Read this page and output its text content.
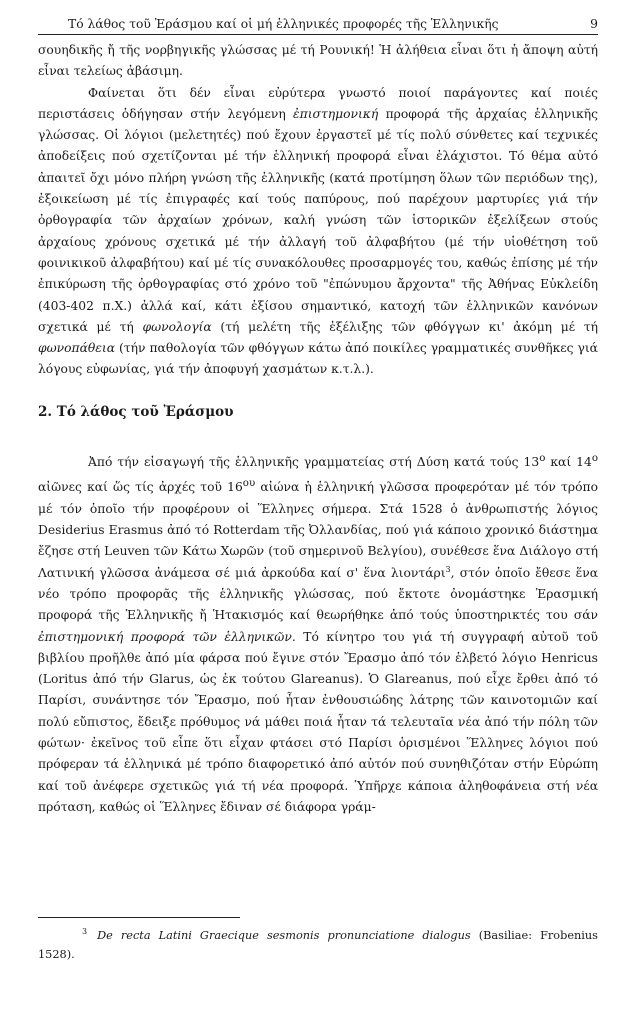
Τό λάθος τοῦ Ἐράσμου καί οἱ μή ἑλληνικές προφορές τῆς Ἑλληνικῆς	9

σουηδικῆς ἤ τῆς νορβηγικῆς γλώσσας μέ τή Ρουνική! Ἡ ἀλήθεια εἶναι ὅτι ἡ ἄποψη αὐτή εἶναι τελείως ἀβάσιμη.

Φαίνεται ὅτι δέν εἶναι εὐρύτερα γνωστό ποιοί παράγοντες καί ποιές περιστάσεις ὁδήγησαν στήν λεγόμενη ἐπιστημονική προφορά τῆς ἀρχαίας ἑλληνικῆς γλώσσας. Οἱ λόγιοι (μελετητές) πού ἔχουν ἐργαστεῖ μέ τίς πολύ σύνθετες καί τεχνικές ἀποδείξεις πού σχετίζονται μέ τήν ἑλληνική προφορά εἶναι ἐλάχιστοι. Τό θέμα αὐτό ἀπαιτεῖ ὄχι μόνο πλήρη γνώση τῆς ἑλληνικῆς (κατά προτίμηση ὅλων τῶν περιόδων της), ἐξοικείωση μέ τίς ἐπιγραφές καί τούς παπύρους, πού παρέχουν μαρτυρίες γιά τήν ὀρθογραφία τῶν ἀρχαίων χρόνων, καλή γνώση τῶν ἱστορικῶν ἐξελίξεων στούς ἀρχαίους χρόνους σχετικά μέ τήν ἀλλαγή τοῦ ἀλφαβήτου (μέ τήν υἱοθέτηση τοῦ φοινικικοῦ ἀλφαβήτου) καί μέ τίς συνακόλουθες προσαρμογές του, καθώς ἐπίσης μέ τήν ἐπικύρωση τῆς ὀρθογραφίας στό χρόνο τοῦ "ἐπώνυμου ἄρχοντα" τῆς Ἀθήνας Εὐκλείδη (403-402 π.Χ.) ἀλλά καί, κάτι ἐξίσου σημαντικό, κατοχή τῶν ἑλληνικῶν κανόνων σχετικά μέ τή φωνολογία (τή μελέτη τῆς ἐξέλιξης τῶν φθόγγων κι' ἀκόμη μέ τή φωνοπάθεια (τήν παθολογία τῶν φθόγγων κάτω ἀπό ποικίλες γραμματικές συνθῆκες γιά λόγους εὐφωνίας, γιά τήν ἀποφυγή χασμάτων κ.τ.λ.).

2. Τό λάθος τοῦ Ἐράσμου

Ἀπό τήν εἰσαγωγή τῆς ἑλληνικῆς γραμματείας στή Δύση κατά τούς $13^o$ καί $14^o$ αἰῶνες καί ὥς τίς ἀρχές τοῦ $16^{o\upsilon}$ αἰώνα ἡ ἑλληνική γλῶσσα προφερόταν μέ τόν τρόπο μέ τόν ὁποῖο τήν προφέρουν οἱ Ἕλληνες σήμερα. Στά 1528 ὁ ἀνθρωπιστής λόγιος Desiderius Erasmus ἀπό τό Rotterdam τῆς Ὀλλανδίας, πού γιά κάποιο χρονικό διάστημα ἔζησε στή Leuven τῶν Κάτω Χωρῶν (τοῦ σημερινοῦ Βελγίου), συνέθεσε ἕνα Διάλογο στή Λατινική γλῶσσα ἀνάμεσα σέ μιά ἀρκούδα καί σ' ἕνα λιοντάρι$^3$, στόν ὁποῖο ἔθεσε ἕνα νέο τρόπο προφορᾶς τῆς ἑλληνικῆς γλώσσας, πού ἔκτοτε ὀνομάστηκε Ἐρασμική προφορά τῆς Ἑλληνικῆς ἤ Ἡτακισμός καί θεωρήθηκε ἀπό τούς ὑποστηρικτές του σάν ἐπιστημονική προφορά τῶν ἑλληνικῶν. Τό κίνητρο του γιά τή συγγραφή αὐτοῦ τοῦ βιβλίου προῆλθε ἀπό μία φάρσα πού ἔγινε στόν Ἔρασμο ἀπό τόν ἑλβετό λόγιο Henricus (Loritus ἀπό τήν Glarus, ὡς ἐκ τούτου Glareanus). Ὁ Glareanus, πού εἶχε ἔρθει ἀπό τό Παρίσι, συνάντησε τόν Ἔρασμο, πού ἦταν ἐνθουσιώδης λάτρης τῶν καινοτομιῶν καί πολύ εὔπιστος, ἔδειξε πρόθυμος νά μάθει ποιά ἦταν τά τελευταῖα νέα ἀπό τήν πόλη τῶν φώτων· ἐκεῖνος τοῦ εἶπε ὅτι εἶχαν φτάσει στό Παρίσι ὁρισμένοι Ἕλληνες λόγιοι πού πρόφεραν τά ἑλληνικά μέ τρόπο διαφορετικό ἀπό αὐτόν πού συνηθιζόταν στήν Εὐρώπη καί τοῦ ἀνέφερε σχετικῶς γιά τή νέα προφορά. Ὑπῆρχε κάποια ἀληθοφάνεια στή νέα πρόταση, καθώς οἱ Ἕλληνες ἔδιναν σέ διάφορα γράμ-

3 De recta Latini Graecique sesmonis pronunciatione dialogus (Basiliae: Frobenius 1528).
